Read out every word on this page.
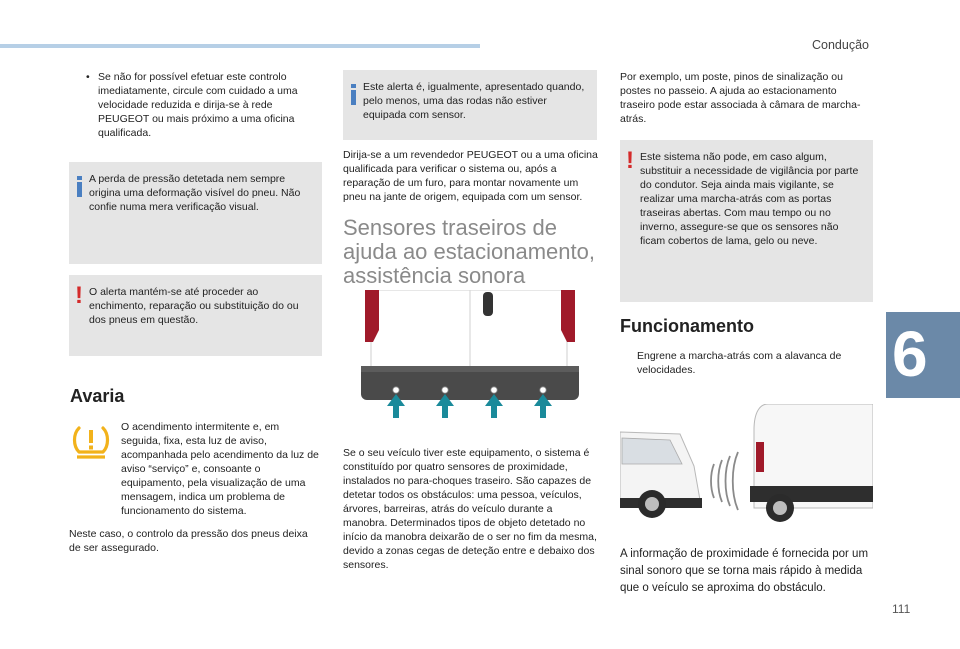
Condução
6
111
• Se não for possível efetuar este controlo imediatamente, circule com cuidado a uma velocidade reduzida e dirija-se à rede PEUGEOT ou mais próximo a uma oficina qualificada.
A perda de pressão detetada nem sempre origina uma deformação visível do pneu. Não confie numa mera verificação visual.
! O alerta mantém-se até proceder ao enchimento, reparação ou substituição do ou dos pneus em questão.
Avaria
O acendimento intermitente e, em seguida, fixa, esta luz de aviso, acompanhada pelo acendimento da luz de aviso “serviço” e, consoante o equipamento, pela visualização de uma mensagem, indica um problema de funcionamento do sistema.
Neste caso, o controlo da pressão dos pneus deixa de ser assegurado.
Este alerta é, igualmente, apresentado quando, pelo menos, uma das rodas não estiver equipada com sensor.
Dirija-se a um revendedor PEUGEOT ou a uma oficina qualificada para verificar o sistema ou, após a reparação de um furo, para montar novamente um pneu na jante de origem, equipada com um sensor.
Sensores traseiros de ajuda ao estacionamento, assistência sonora
Se o seu veículo tiver este equipamento, o sistema é constituído por quatro sensores de proximidade, instalados no para-choques traseiro. São capazes de detetar todos os obstáculos: uma pessoa, veículos, árvores, barreiras, atrás do veículo durante a manobra. Determinados tipos de objeto detetado no início da manobra deixarão de o ser no fim da mesma, devido a zonas cegas de deteção entre e debaixo dos sensores.
Por exemplo, um poste, pinos de sinalização ou postes no passeio. A ajuda ao estacionamento traseiro pode estar associada à câmara de marcha-atrás.
! Este sistema não pode, em caso algum, substituir a necessidade de vigilância por parte do condutor. Seja ainda mais vigilante, se realizar uma marcha-atrás com as portas traseiras abertas. Com mau tempo ou no inverno, assegure-se que os sensores não ficam cobertos de lama, gelo ou neve.
Funcionamento
Engrene a marcha-atrás com a alavanca de velocidades.
A informação de proximidade é fornecida por um sinal sonoro que se torna mais rápido à medida que o veículo se aproxima do obstáculo.
